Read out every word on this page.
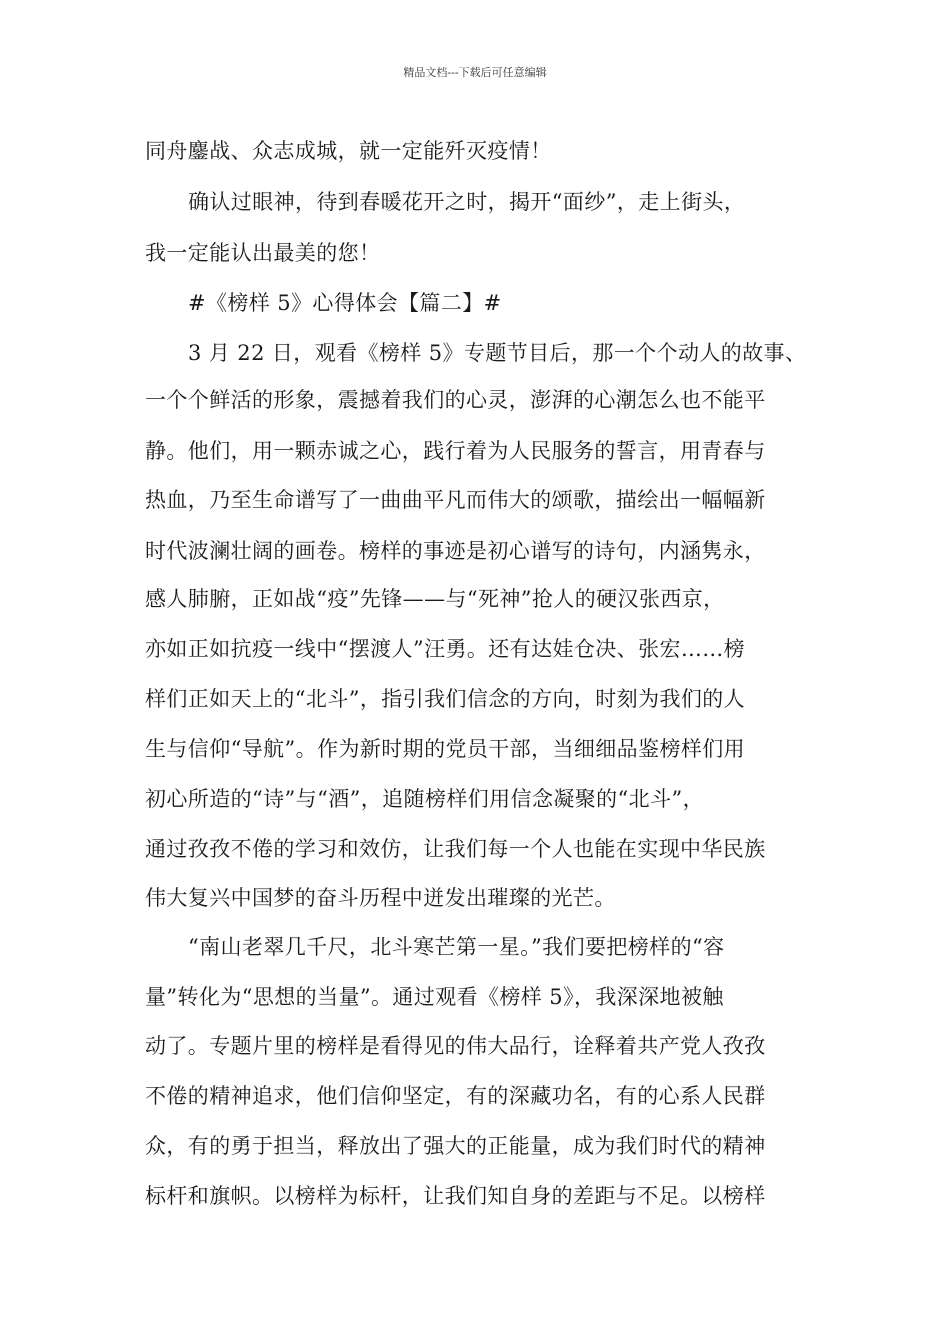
精品文档---下载后可任意编辑
同舟鏖战、众志成城，就一定能歼灭疫情！
确认过眼神，待到春暖花开之时，揭开“面纱”，走上街头，
我一定能认出最美的您！
#《榜样 5》心得体会【篇二】#
3 月 22 日，观看《榜样 5》专题节目后，那一个个动人的故事、
一个个鲜活的形象，震撼着我们的心灵，澎湃的心潮怎么也不能平
静。他们，用一颗赤诚之心，践行着为人民服务的誓言，用青春与
热血，乃至生命谱写了一曲曲平凡而伟大的颂歌，描绘出一幅幅新
时代波澜壮阔的画卷。榜样的事迹是初心谱写的诗句，内涵隽永，
感人肺腑，正如战“疫”先锋——与“死神”抢人的硬汉张西京，
亦如正如抗疫一线中“摆渡人”汪勇。还有达娃仓决、张宏……榜
样们正如天上的“北斗”，指引我们信念的方向，时刻为我们的人
生与信仰“导航”。作为新时期的党员干部，当细细品鉴榜样们用
初心所造的“诗”与“酒”，追随榜样们用信念凝聚的“北斗”，
通过孜孜不倦的学习和效仿，让我们每一个人也能在实现中华民族
伟大复兴中国梦的奋斗历程中迸发出璀璨的光芒。
“南山老翠几千尺，北斗寒芒第一星。”我们要把榜样的“容
量”转化为“思想的当量”。通过观看《榜样 5》，我深深地被触
动了。专题片里的榜样是看得见的伟大品行，诠释着共产党人孜孜
不倦的精神追求，他们信仰坚定，有的深藏功名，有的心系人民群
众，有的勇于担当，释放出了强大的正能量，成为我们时代的精神
标杆和旗帜。以榜样为标杆，让我们知自身的差距与不足。以榜样
